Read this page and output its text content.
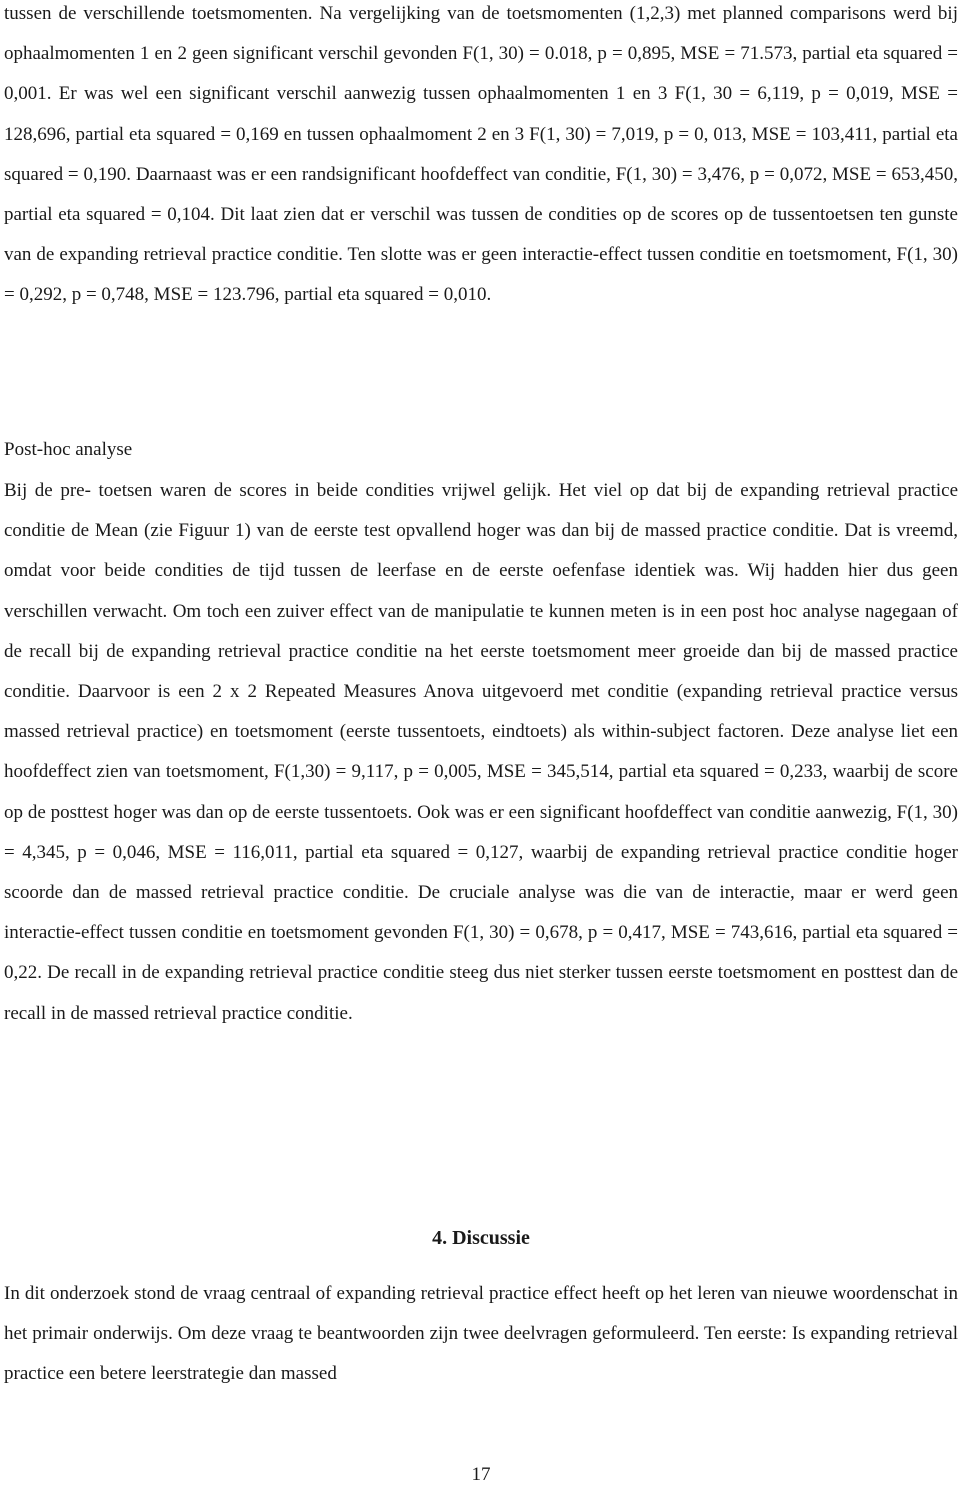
tussen de verschillende toetsmomenten. Na vergelijking van de toetsmomenten (1,2,3) met planned comparisons werd bij ophaalmomenten 1 en 2 geen significant verschil gevonden F(1, 30) = 0.018, p = 0,895, MSE = 71.573, partial eta squared = 0,001. Er was wel een significant verschil aanwezig tussen ophaalmomenten 1 en 3 F(1, 30 = 6,119, p = 0,019, MSE = 128,696, partial eta squared = 0,169 en tussen ophaalmoment 2 en 3 F(1, 30) = 7,019, p = 0, 013, MSE = 103,411, partial eta squared = 0,190. Daarnaast was er een randsignificant hoofdeffect van conditie, F(1, 30) = 3,476, p = 0,072, MSE = 653,450, partial eta squared = 0,104. Dit laat zien dat er verschil was tussen de condities op de scores op de tussentoetsen ten gunste van de expanding retrieval practice conditie. Ten slotte was er geen interactie-effect tussen conditie en toetsmoment, F(1, 30) = 0,292, p = 0,748, MSE = 123.796, partial eta squared = 0,010.

Post-hoc analyse

Bij de pre- toetsen waren de scores in beide condities vrijwel gelijk. Het viel op dat bij de expanding retrieval practice conditie de Mean (zie Figuur 1) van de eerste test opvallend hoger was dan bij de massed practice conditie. Dat is vreemd, omdat voor beide condities de tijd tussen de leerfase en de eerste oefenfase identiek was. Wij hadden hier dus geen verschillen verwacht. Om toch een zuiver effect van de manipulatie te kunnen meten is in een post hoc analyse nagegaan of de recall bij de expanding retrieval practice conditie na het eerste toetsmoment meer groeide dan bij de massed practice conditie. Daarvoor is een 2 x 2 Repeated Measures Anova uitgevoerd met conditie (expanding retrieval practice versus massed retrieval practice) en toetsmoment (eerste tussentoets, eindtoets) als within-subject factoren. Deze analyse liet een hoofdeffect zien van toetsmoment, F(1,30) = 9,117, p = 0,005, MSE = 345,514, partial eta squared = 0,233, waarbij de score op de posttest hoger was dan op de eerste tussentoets. Ook was er een significant hoofdeffect van conditie aanwezig, F(1, 30) = 4,345, p = 0,046, MSE = 116,011, partial eta squared = 0,127, waarbij de expanding retrieval practice conditie hoger scoorde dan de massed retrieval practice conditie. De cruciale analyse was die van de interactie, maar er werd geen interactie-effect tussen conditie en toetsmoment gevonden F(1, 30) = 0,678, p = 0,417, MSE = 743,616, partial eta squared = 0,22. De recall in de expanding retrieval practice conditie steeg dus niet sterker tussen eerste toetsmoment en posttest dan de recall in de massed retrieval practice conditie.

4. Discussie

In dit onderzoek stond de vraag centraal of expanding retrieval practice effect heeft op het leren van nieuwe woordenschat in het primair onderwijs. Om deze vraag te beantwoorden zijn twee deelvragen geformuleerd. Ten eerste: Is expanding retrieval practice een betere leerstrategie dan massed

17
